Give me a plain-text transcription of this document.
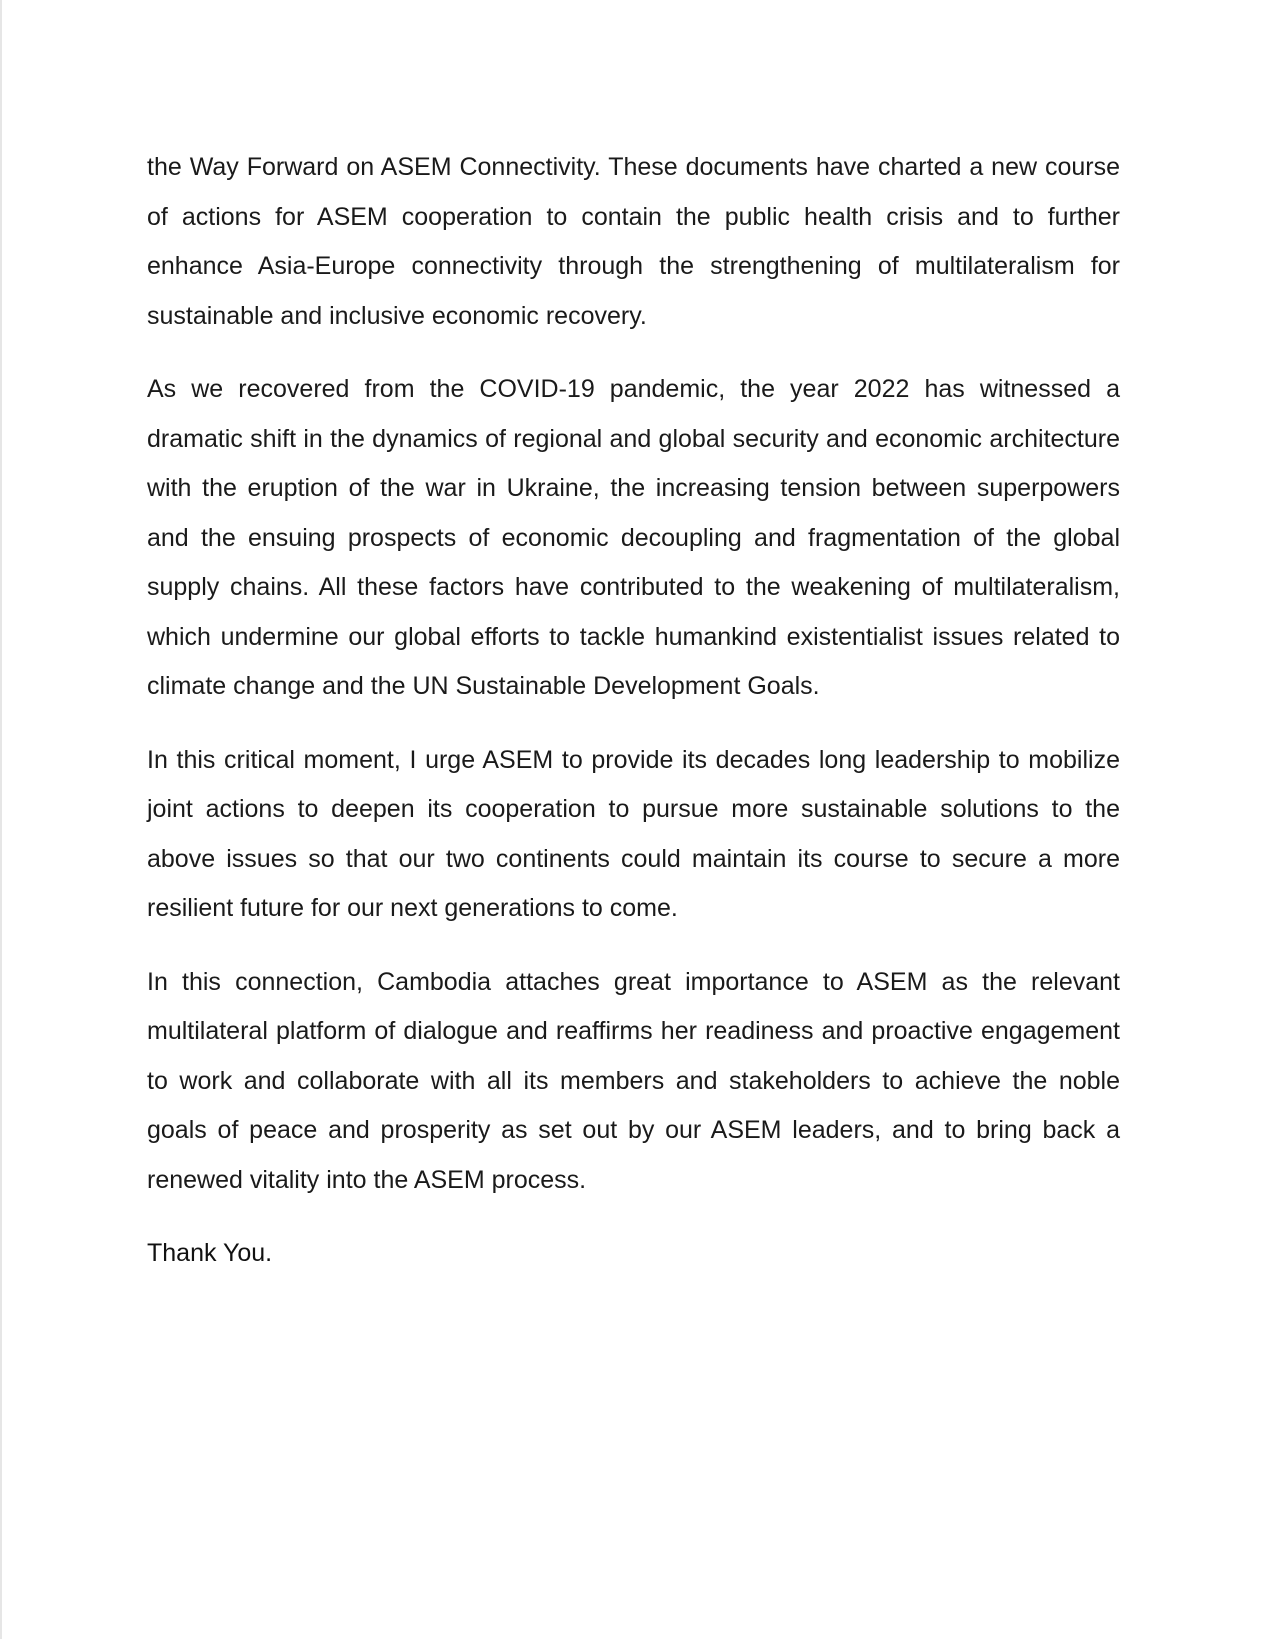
the Way Forward on ASEM Connectivity. These documents have charted a new course of actions for ASEM cooperation to contain the public health crisis and to further enhance Asia-Europe connectivity through the strengthening of multilateralism for sustainable and inclusive economic recovery.

As we recovered from the COVID-19 pandemic, the year 2022 has witnessed a dramatic shift in the dynamics of regional and global security and economic architecture with the eruption of the war in Ukraine, the increasing tension between superpowers and the ensuing prospects of economic decoupling and fragmentation of the global supply chains. All these factors have contributed to the weakening of multilateralism, which undermine our global efforts to tackle humankind existentialist issues related to climate change and the UN Sustainable Development Goals.

In this critical moment, I urge ASEM to provide its decades long leadership to mobilize joint actions to deepen its cooperation to pursue more sustainable solutions to the above issues so that our two continents could maintain its course to secure a more resilient future for our next generations to come.

In this connection, Cambodia attaches great importance to ASEM as the relevant multilateral platform of dialogue and reaffirms her readiness and proactive engagement to work and collaborate with all its members and stakeholders to achieve the noble goals of peace and prosperity as set out by our ASEM leaders, and to bring back a renewed vitality into the ASEM process.

Thank You.
